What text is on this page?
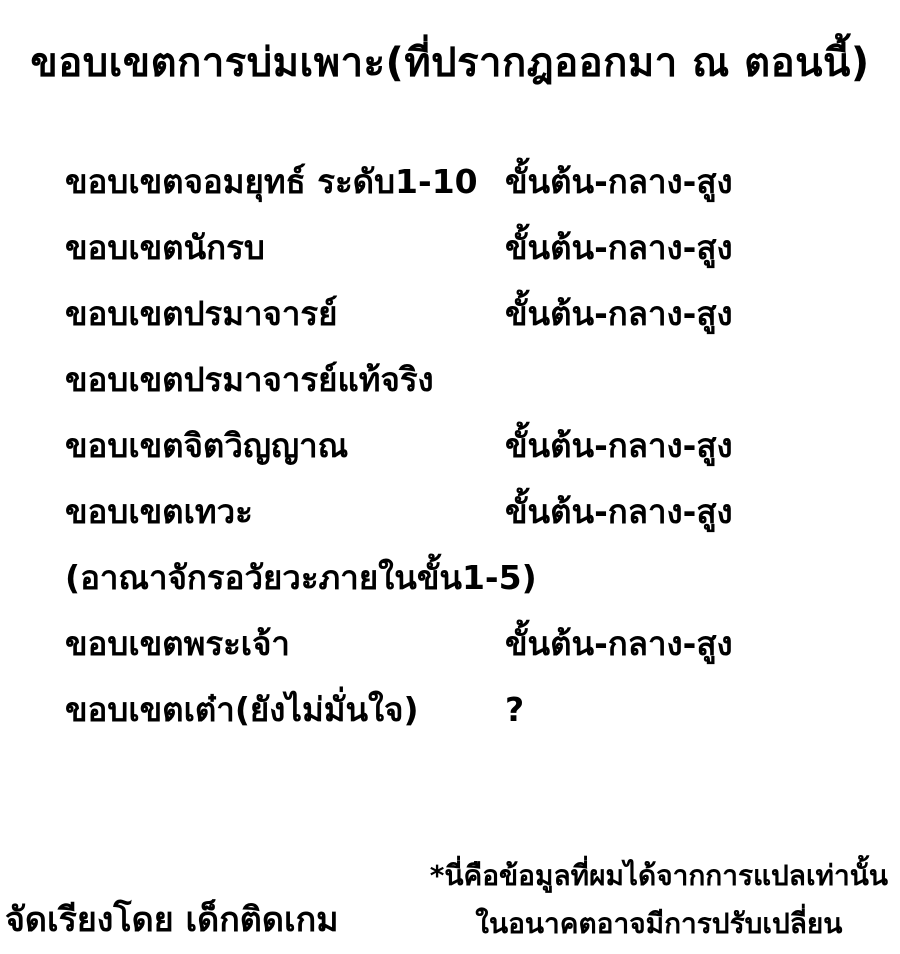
ขอบเขตการบ่มเพาะ(ที่ปรากฎออกมา ณ ตอนนี้)
ขอบเขตจอมยุทธ์ ระดับ1-10 ขั้นต้น-กลาง-สูง
ขอบเขตนักรบ	ขั้นต้น-กลาง-สูง
ขอบเขตปรมาจารย์	ขั้นต้น-กลาง-สูง
ขอบเขตปรมาจารย์แท้จริง
ขอบเขตจิตวิญญาณ	ขั้นต้น-กลาง-สูง
ขอบเขตเทวะ	ขั้นต้น-กลาง-สูง
(อาณาจักรอวัยวะภายในขั้น1-5)
ขอบเขตพระเจ้า	ขั้นต้น-กลาง-สูง
ขอบเขตเต๋า(ยังไม่มั่นใจ)	?
จัดเรียงโดย เด็กติดเกม
*นี่คือข้อมูลที่ผมได้จากการแปลเท่านั้น
ในอนาคตอาจมีการปรับเปลี่ยน
